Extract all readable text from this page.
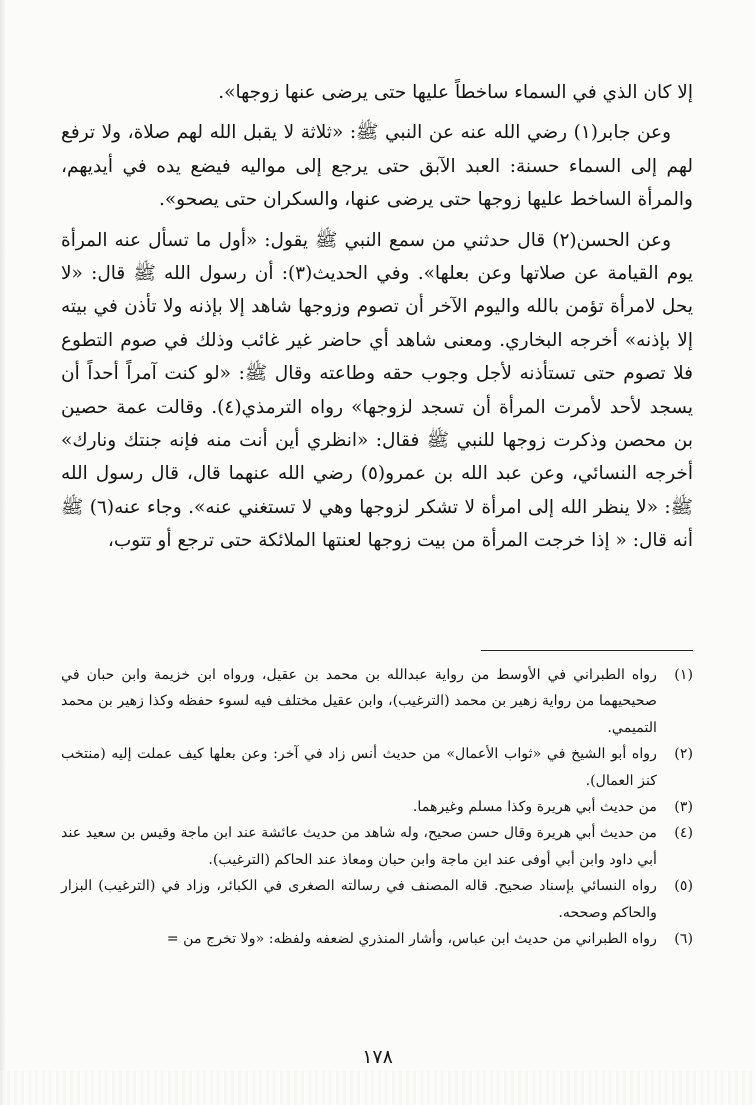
إلا كان الذي في السماء ساخطاً عليها حتى يرضى عنها زوجها».

وعن جابر(١) رضي الله عنه عن النبي ﷺ: «ثلاثة لا يقبل الله لهم صلاة، ولا ترفع لهم إلى السماء حسنة: العبد الآبق حتى يرجع إلى مواليه فيضع يده في أيديهم، والمرأة الساخط عليها زوجها حتى يرضى عنها، والسكران حتى يصحو».

وعن الحسن(٢) قال حدثني من سمع النبي ﷺ يقول: «أول ما تسأل عنه المرأة يوم القيامة عن صلاتها وعن بعلها». وفي الحديث(٣): أن رسول الله ﷺ قال: «لا يحل لامرأة تؤمن بالله واليوم الآخر أن تصوم وزوجها شاهد إلا بإذنه ولا تأذن في بيته إلا بإذنه» أخرجه البخاري. ومعنى شاهد أي حاضر غير غائب وذلك في صوم التطوع فلا تصوم حتى تستأذنه لأجل وجوب حقه وطاعته وقال ﷺ: «لو كنت آمراً أحداً أن يسجد لأحد لأمرت المرأة أن تسجد لزوجها» رواه الترمذي(٤). وقالت عمة حصين بن محصن وذكرت زوجها للنبي ﷺ فقال: «انظري أين أنت منه فإنه جنتك ونارك» أخرجه النسائي، وعن عبد الله بن عمرو(٥) رضي الله عنهما قال، قال رسول الله ﷺ: «لا ينظر الله إلى امرأة لا تشكر لزوجها وهي لا تستغني عنه». وجاء عنه(٦) ﷺ أنه قال: « إذا خرجت المرأة من بيت زوجها لعنتها الملائكة حتى ترجع أو تتوب،

(١)
رواه الطبراني في الأوسط من رواية عبدالله بن محمد بن عقيل، ورواه ابن خزيمة وابن حبان في صحيحيهما من رواية زهير بن محمد (الترغيب)، وابن عقيل مختلف فيه لسوء حفظه وكذا زهير بن محمد التميمي.
(٢)
رواه أبو الشيخ في «ثواب الأعمال» من حديث أنس زاد في آخر: وعن بعلها كيف عملت إليه (منتخب كنز العمال).
(٣)
من حديث أبي هريرة وكذا مسلم وغيرهما.
(٤)
من حديث أبي هريرة وقال حسن صحيح، وله شاهد من حديث عائشة عند ابن ماجة وقيس بن سعيد عند أبي داود وابن أبي أوفى عند ابن ماجة وابن حبان ومعاذ عند الحاكم (الترغيب).
(٥)
رواه النسائي بإسناد صحيح. قاله المصنف في رسالته الصغرى في الكبائر، وزاد في (الترغيب) البزار والحاكم وصححه.
(٦)
رواه الطبراني من حديث ابن عباس، وأشار المنذري لضعفه ولفظه: «ولا تخرج من =
١٧٨
